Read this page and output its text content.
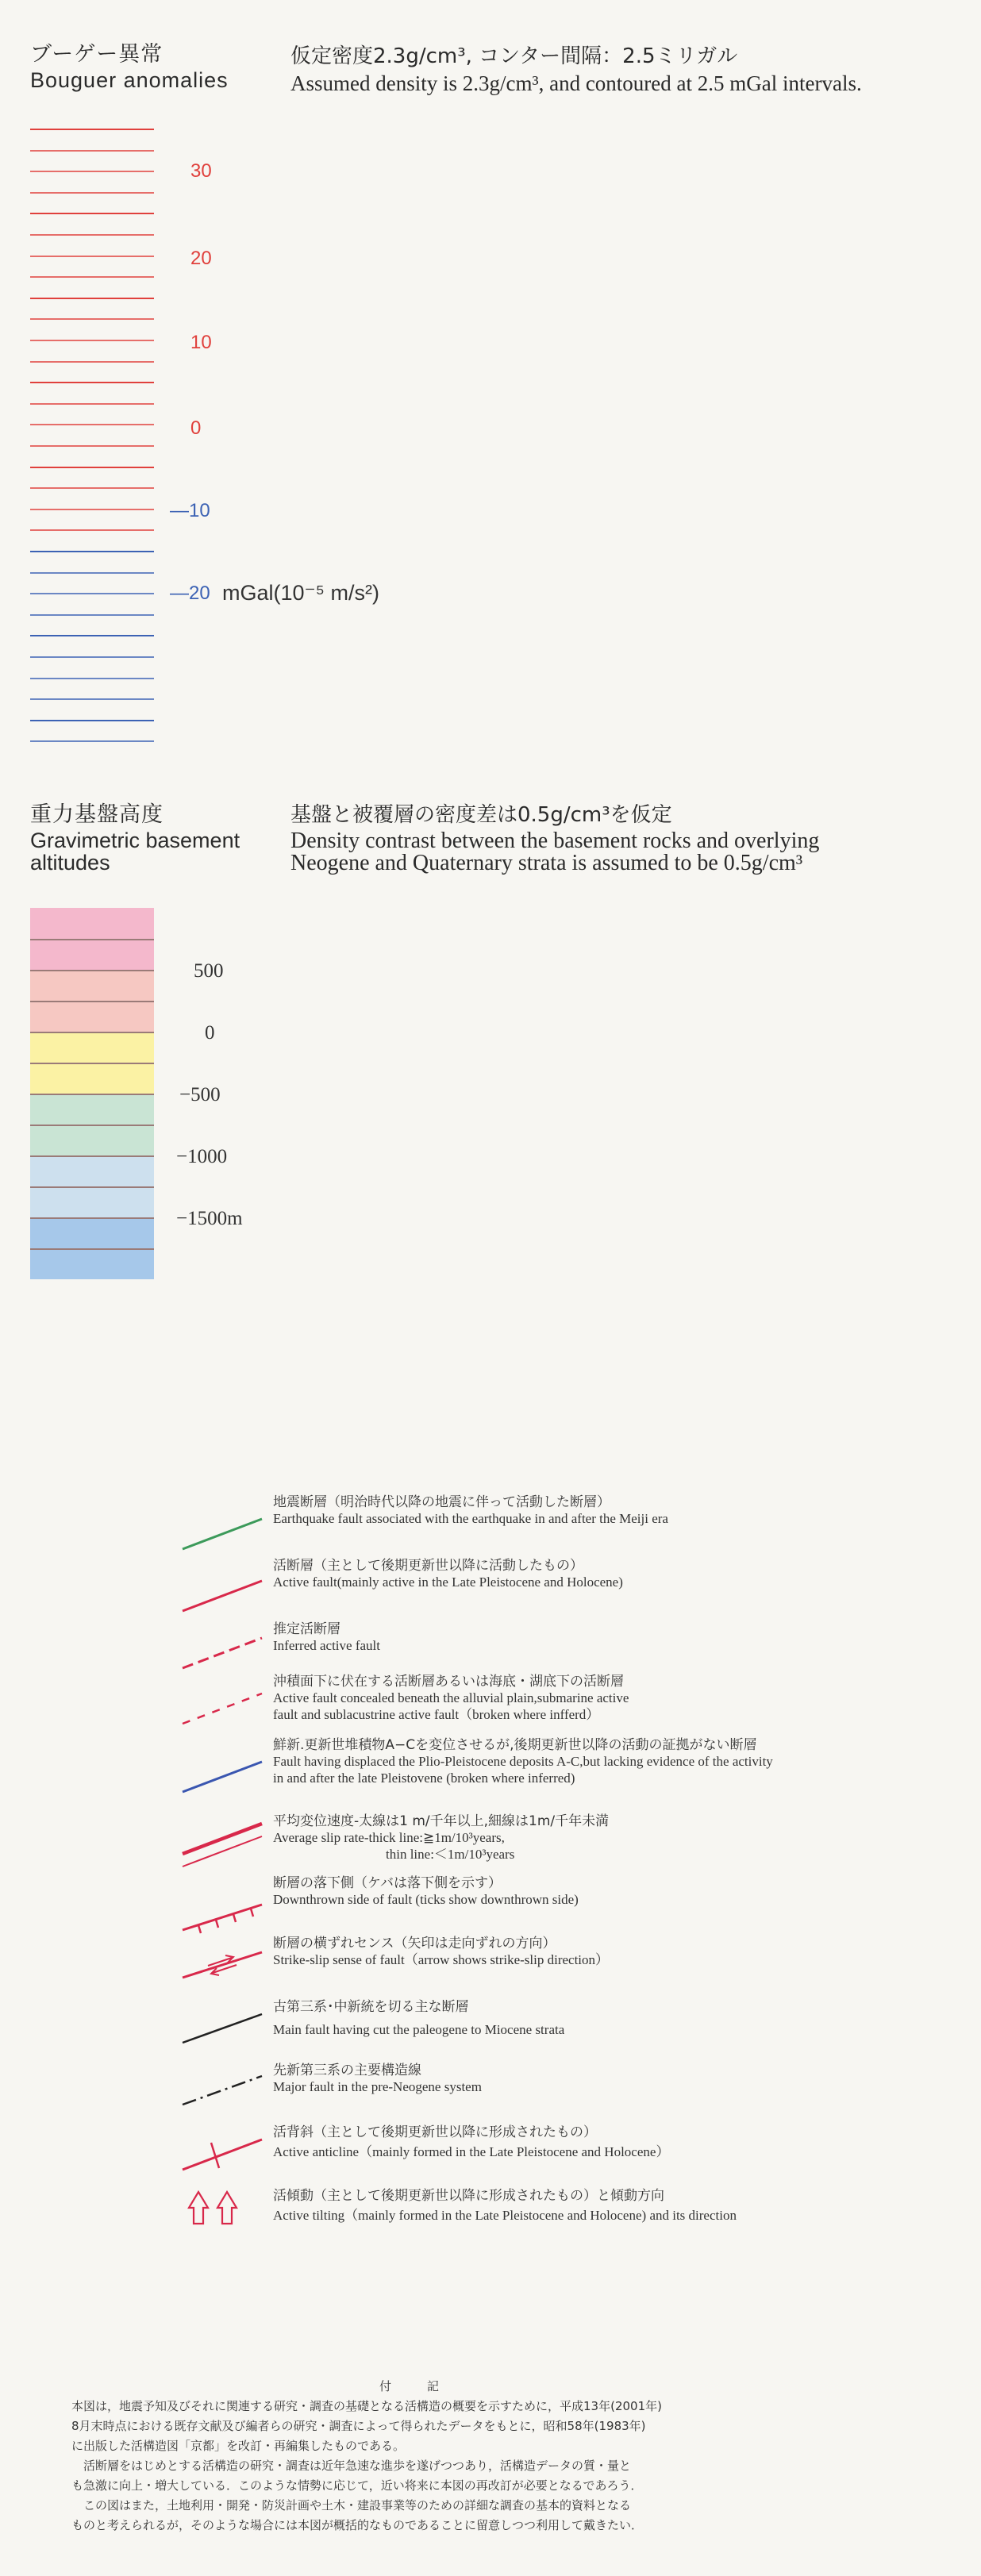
ブーゲー異常
Bouguer anomalies
仮定密度2.3g/cm³, コンター間隔：2.5ミリガル
Assumed density is 2.3g/cm³, and contoured at 2.5 mGal intervals.
30
20
10
0
—10
—20 mGal(10⁻⁵ m/s²)
重力基盤高度
Gravimetric basement
altitudes
基盤と被覆層の密度差は0.5g/cm³を仮定
Density contrast between the basement rocks and overlying
Neogene and Quaternary strata is assumed to be 0.5g/cm³
500
0
−500
−1000
−1500m
地震断層（明治時代以降の地震に伴って活動した断層）
Earthquake fault associated with the earthquake in and after the Meiji era
活断層（主として後期更新世以降に活動したもの）
Active fault(mainly active in the Late Pleistocene and Holocene)
推定活断層
Inferred active fault
沖積面下に伏在する活断層あるいは海底・湖底下の活断層
Active fault concealed beneath the alluvial plain,submarine active
fault and sublacustrine active fault（broken where infferd）
鮮新.更新世堆積物A−Cを変位させるが,後期更新世以降の活動の証拠がない断層
Fault having displaced the Plio-Pleistocene deposits A-C,but lacking evidence of the activity
in and after the late Pleistovene (broken where inferred)
平均変位速度-太線は1 m/千年以上,細線は1m/千年未満
Average slip rate-thick line:≧1m/10³years,
thin line:＜1m/10³years
断層の落下側（ケバは落下側を示す）
Downthrown side of fault (ticks show downthrown side)
断層の横ずれセンス（矢印は走向ずれの方向）
Strike-slip sense of fault（arrow shows strike-slip direction）
古第三系･中新統を切る主な断層
Main fault having cut the paleogene to Miocene strata
先新第三系の主要構造線
Major fault in the pre-Neogene system
活背斜（主として後期更新世以降に形成されたもの）
Active anticline（mainly formed in the Late Pleistocene and Holocene）
活傾動（主として後期更新世以降に形成されたもの）と傾動方向
Active tilting（mainly formed in the Late Pleistocene and Holocene) and its direction
付　　　記
本図は，地震予知及びそれに関連する研究・調査の基礎となる活構造の概要を示すために，平成13年(2001年)
8月末時点における既存文献及び編者らの研究・調査によって得られたデータをもとに，昭和58年(1983年)
に出版した活構造図「京都」を改訂・再編集したものである。
　活断層をはじめとする活構造の研究・調査は近年急速な進歩を遂げつつあり，活構造データの質・量と
も急激に向上・増大している．このような情勢に応じて，近い将来に本図の再改訂が必要となるであろう．
　この図はまた，土地利用・開発・防災計画や土木・建設事業等のための詳細な調査の基本的資料となる
ものと考えられるが，そのような場合には本図が概括的なものであることに留意しつつ利用して戴きたい．
